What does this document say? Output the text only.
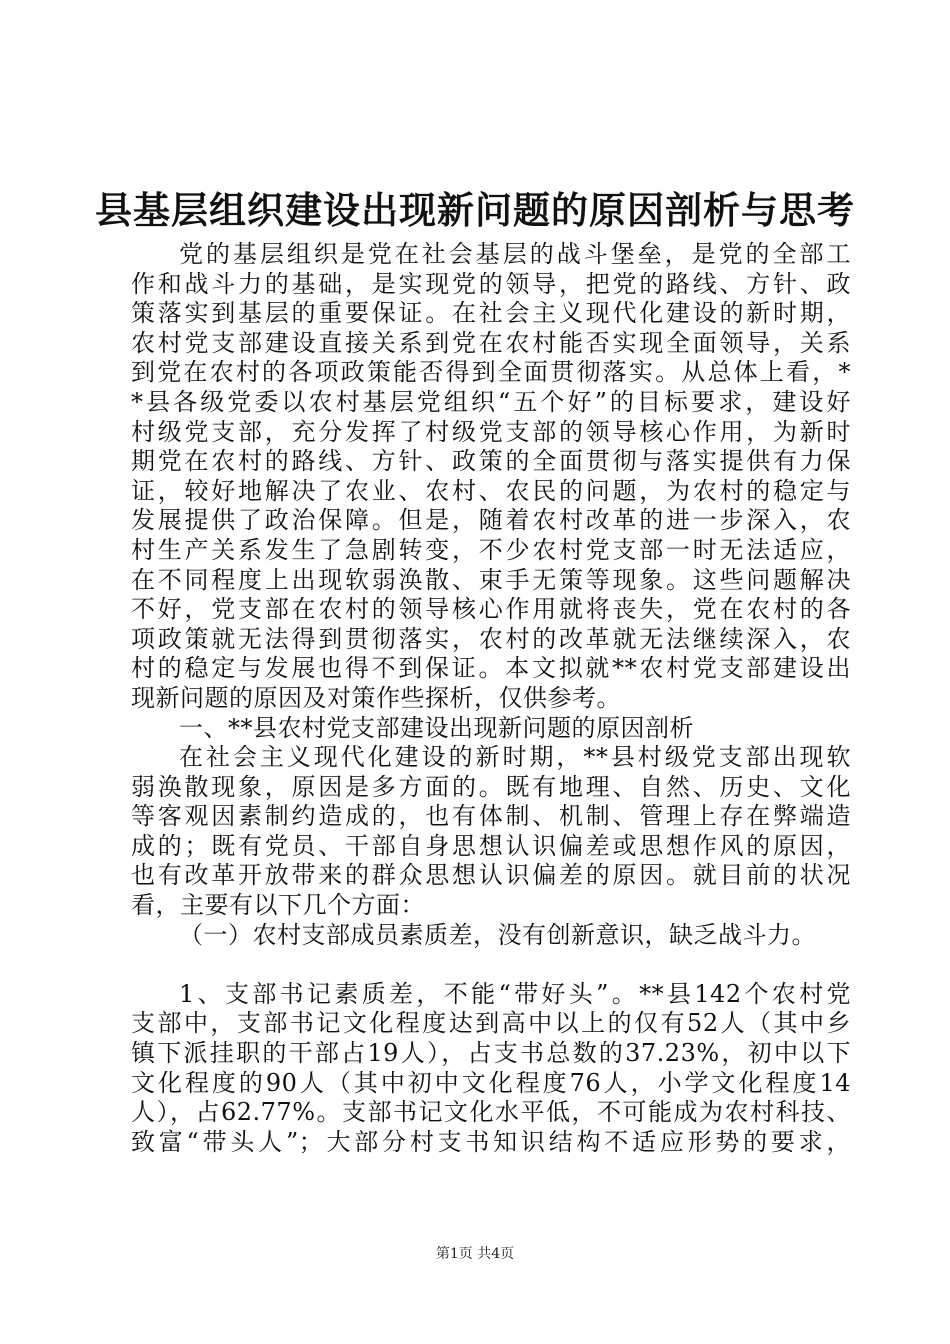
县基层组织建设出现新问题的原因剖析与思考
党的基层组织是党在社会基层的战斗堡垒，是党的全部工
作和战斗力的基础，是实现党的领导，把党的路线、方针、政
策落实到基层的重要保证。在社会主义现代化建设的新时期，
农村党支部建设直接关系到党在农村能否实现全面领导，关系
到党在农村的各项政策能否得到全面贯彻落实。从总体上看，*
*县各级党委以农村基层党组织“五个好”的目标要求，建设好
村级党支部，充分发挥了村级党支部的领导核心作用，为新时
期党在农村的路线、方针、政策的全面贯彻与落实提供有力保
证，较好地解决了农业、农村、农民的问题，为农村的稳定与
发展提供了政治保障。但是，随着农村改革的进一步深入，农
村生产关系发生了急剧转变，不少农村党支部一时无法适应，
在不同程度上出现软弱涣散、束手无策等现象。这些问题解决
不好，党支部在农村的领导核心作用就将丧失，党在农村的各
项政策就无法得到贯彻落实，农村的改革就无法继续深入，农
村的稳定与发展也得不到保证。本文拟就**农村党支部建设出
现新问题的原因及对策作些探析，仅供参考。
一、**县农村党支部建设出现新问题的原因剖析
在社会主义现代化建设的新时期，**县村级党支部出现软
弱涣散现象，原因是多方面的。既有地理、自然、历史、文化
等客观因素制约造成的，也有体制、机制、管理上存在弊端造
成的；既有党员、干部自身思想认识偏差或思想作风的原因，
也有改革开放带来的群众思想认识偏差的原因。就目前的状况
看，主要有以下几个方面：
（一）农村支部成员素质差，没有创新意识，缺乏战斗力。
1、支部书记素质差，不能“带好头”。**县142个农村党
支部中，支部书记文化程度达到高中以上的仅有52人（其中乡
镇下派挂职的干部占19人），占支书总数的37.23%，初中以下
文化程度的90人（其中初中文化程度76人，小学文化程度14
人），占62.77%。支部书记文化水平低，不可能成为农村科技、
致富“带头人”；大部分村支书知识结构不适应形势的要求，
第1页 共4页
